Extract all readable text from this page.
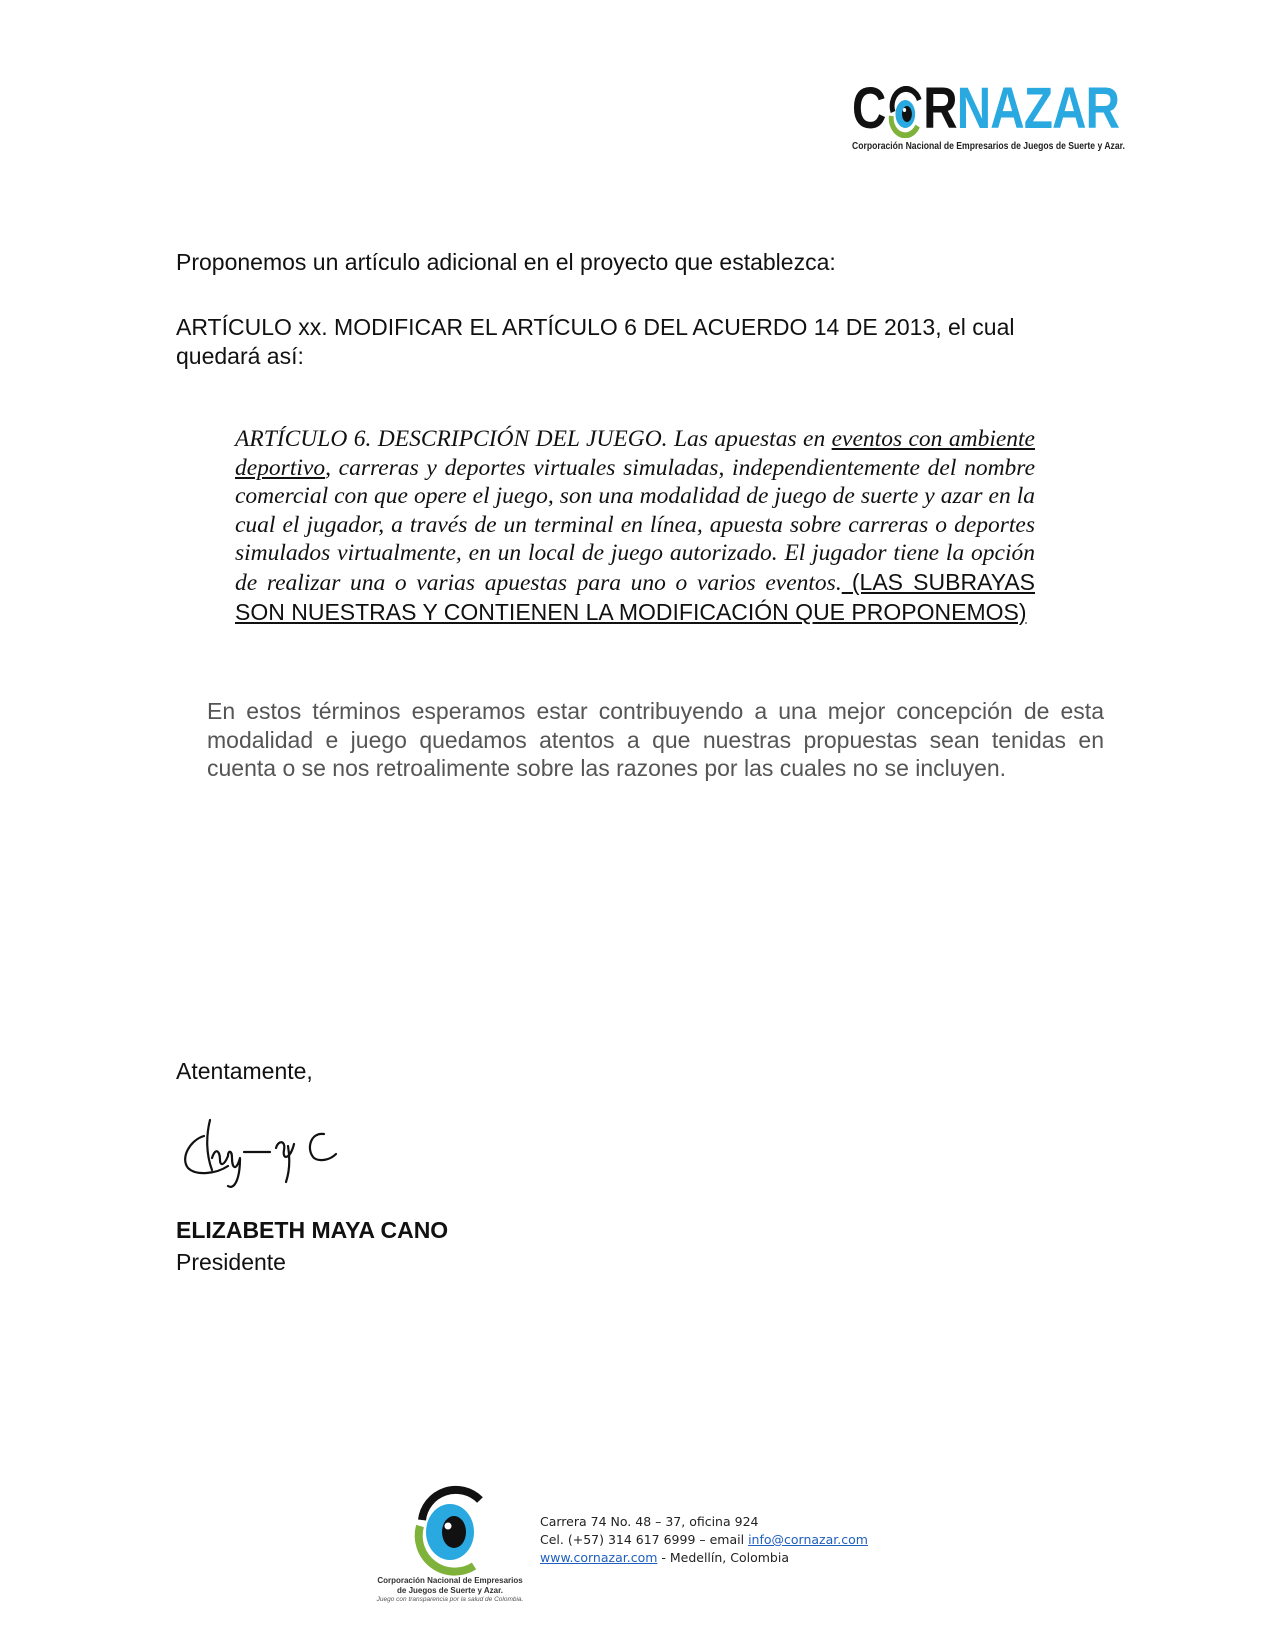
C R NAZAR
Corporación Nacional de Empresarios de Juegos de Suerte y Azar.
Proponemos un artículo adicional en el proyecto que establezca:
ARTÍCULO xx. MODIFICAR EL ARTÍCULO 6 DEL ACUERDO 14 DE 2013, el cual quedará así:
ARTÍCULO 6. DESCRIPCIÓN DEL JUEGO. Las apuestas en eventos con ambiente deportivo, carreras y deportes virtuales simuladas, independientemente del nombre comercial con que opere el juego, son una modalidad de juego de suerte y azar en la cual el jugador, a través de un terminal en línea, apuesta sobre carreras o deportes simulados virtualmente, en un local de juego autorizado. El jugador tiene la opción de realizar una o varias apuestas para uno o varios eventos. (LAS SUBRAYAS SON NUESTRAS Y CONTIENEN LA MODIFICACIÓN QUE PROPONEMOS)
En estos términos esperamos estar contribuyendo a una mejor concepción de esta modalidad e juego quedamos atentos a que nuestras propuestas sean tenidas en cuenta o se nos retroalimente sobre las razones por las cuales no se incluyen.
Atentamente,
ELIZABETH MAYA CANO
Presidente
Corporación Nacional de Empresarios
de Juegos de Suerte y Azar.
Juego con transparencia por la salud de Colombia.
Carrera 74 No. 48 – 37, oficina 924
Cel. (+57) 314 617 6999 – email info@cornazar.com
www.cornazar.com - Medellín, Colombia
